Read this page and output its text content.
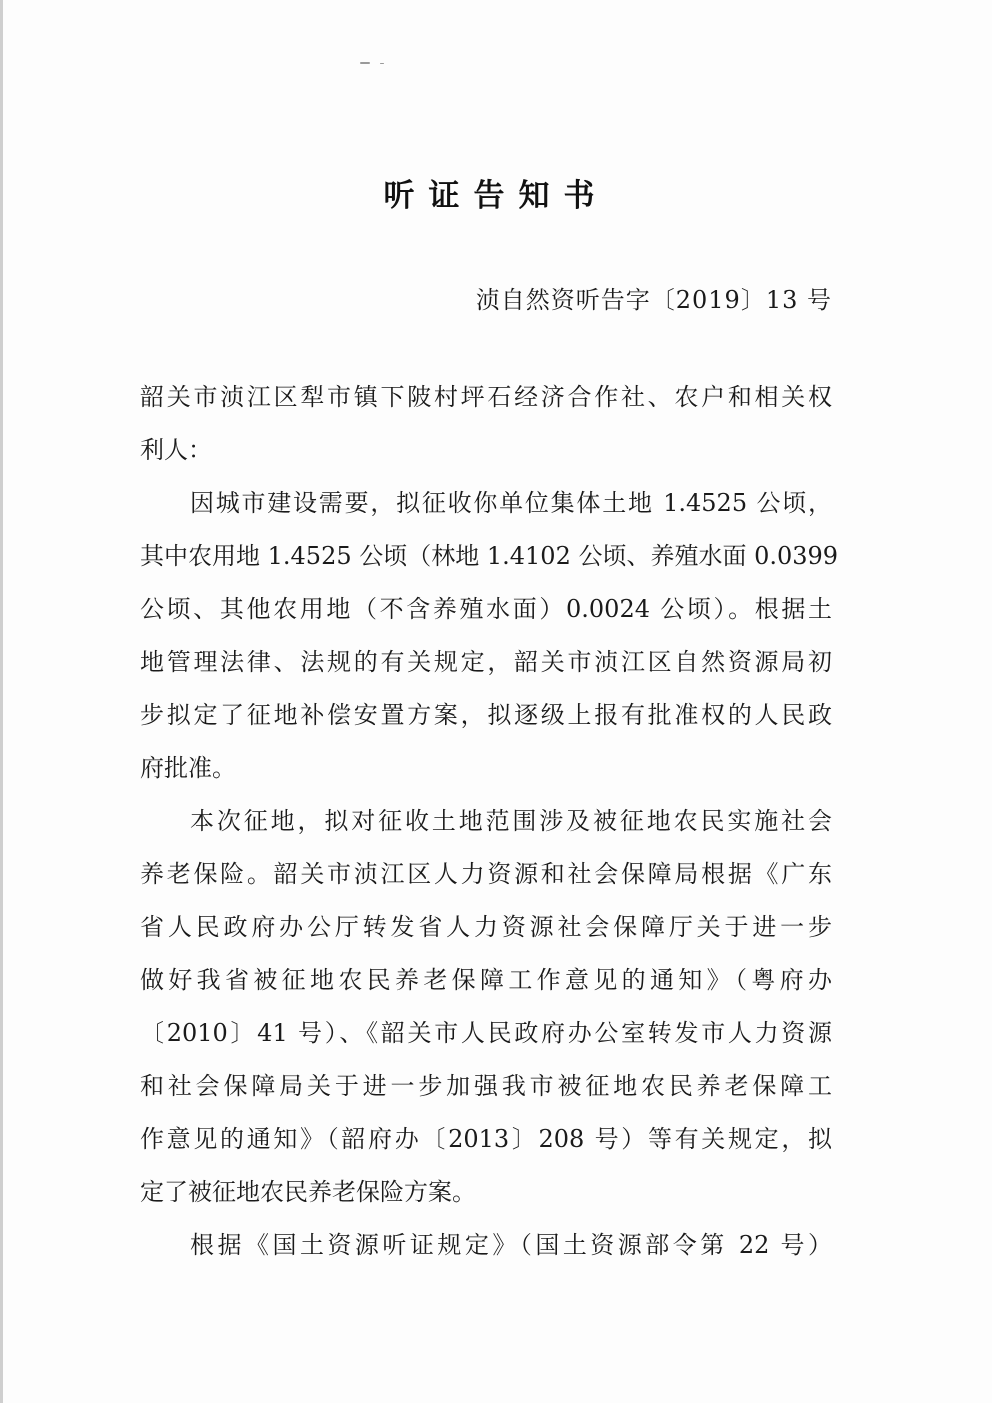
听证告知书
浈自然资听告字〔2019〕13 号
韶关市浈江区犁市镇下陂村坪石经济合作社、农户和相关权
利人：
因城市建设需要，拟征收你单位集体土地 1.4525 公顷，
其中农用地 1.4525 公顷（林地 1.4102 公顷、养殖水面 0.0399
公顷、其他农用地（不含养殖水面）0.0024 公顷）。根据土
地管理法律、法规的有关规定，韶关市浈江区自然资源局初
步拟定了征地补偿安置方案，拟逐级上报有批准权的人民政
府批准。
本次征地，拟对征收土地范围涉及被征地农民实施社会
养老保险。韶关市浈江区人力资源和社会保障局根据《广东
省人民政府办公厅转发省人力资源社会保障厅关于进一步
做好我省被征地农民养老保障工作意见的通知》（粤府办
〔2010〕41 号）、《韶关市人民政府办公室转发市人力资源
和社会保障局关于进一步加强我市被征地农民养老保障工
作意见的通知》（韶府办〔2013〕208 号）等有关规定，拟
定了被征地农民养老保险方案。
根据《国土资源听证规定》（国土资源部令第 22 号）
